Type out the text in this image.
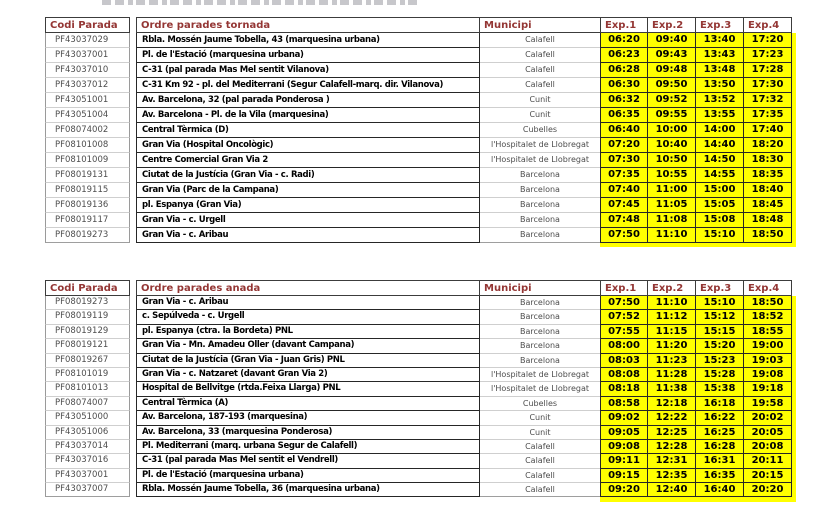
Codi Parada	Ordre parades tornada	Municipi	Exp.1	Exp.2	Exp.3	Exp.4
PF43037029	Rbla. Mossén Jaume Tobella, 43 (marquesina urbana)	Calafell	06:20	09:40	13:40	17:20
PF43037001	Pl. de l'Estació (marquesina urbana)	Calafell	06:23	09:43	13:43	17:23
PF43037010	C-31 (pal parada Mas Mel sentit Vilanova)	Calafell	06:28	09:48	13:48	17:28
PF43037012	C-31 Km 92 - pl. del Mediterrani (Segur Calafell-marq. dir. Vilanova)	Calafell	06:30	09:50	13:50	17:30
PF43051001	Av. Barcelona, 32 (pal parada Ponderosa )	Cunit	06:32	09:52	13:52	17:32
PF43051004	Av. Barcelona - Pl. de la Vila (marquesina)	Cunit	06:35	09:55	13:55	17:35
PF08074002	Central Tèrmica (D)	Cubelles	06:40	10:00	14:00	17:40
PF08101008	Gran Via (Hospital Oncològic)	l'Hospitalet de Llobregat	07:20	10:40	14:40	18:20
PF08101009	Centre Comercial Gran Via 2	l'Hospitalet de Llobregat	07:30	10:50	14:50	18:30
PF08019131	Ciutat de la Justícia (Gran Via - c. Radi)	Barcelona	07:35	10:55	14:55	18:35
PF08019115	Gran Via (Parc de la Campana)	Barcelona	07:40	11:00	15:00	18:40
PF08019136	pl. Espanya (Gran Via)	Barcelona	07:45	11:05	15:05	18:45
PF08019117	Gran Via - c. Urgell	Barcelona	07:48	11:08	15:08	18:48
PF08019273	Gran Via - c. Aribau	Barcelona	07:50	11:10	15:10	18:50
Codi Parada	Ordre parades anada	Municipi	Exp.1	Exp.2	Exp.3	Exp.4
PF08019273	Gran Via - c. Aribau	Barcelona	07:50	11:10	15:10	18:50
PF08019119	c. Sepúlveda - c. Urgell	Barcelona	07:52	11:12	15:12	18:52
PF08019129	pl. Espanya (ctra. la Bordeta) PNL	Barcelona	07:55	11:15	15:15	18:55
PF08019121	Gran Via - Mn. Amadeu Oller (davant Campana)	Barcelona	08:00	11:20	15:20	19:00
PF08019267	Ciutat de la Justícia (Gran Via - Juan Gris) PNL	Barcelona	08:03	11:23	15:23	19:03
PF08101019	Gran Via - c. Natzaret (davant Gran Via 2)	l'Hospitalet de Llobregat	08:08	11:28	15:28	19:08
PF08101013	Hospital de Bellvitge (rtda.Feixa Llarga) PNL	l'Hospitalet de Llobregat	08:18	11:38	15:38	19:18
PF08074007	Central Tèrmica (A)	Cubelles	08:58	12:18	16:18	19:58
PF43051000	Av. Barcelona, 187-193 (marquesina)	Cunit	09:02	12:22	16:22	20:02
PF43051006	Av. Barcelona, 33 (marquesina Ponderosa)	Cunit	09:05	12:25	16:25	20:05
PF43037014	Pl. Mediterrani (marq. urbana Segur de Calafell)	Calafell	09:08	12:28	16:28	20:08
PF43037016	C-31 (pal parada Mas Mel sentit el Vendrell)	Calafell	09:11	12:31	16:31	20:11
PF43037001	Pl. de l'Estació (marquesina urbana)	Calafell	09:15	12:35	16:35	20:15
PF43037007	Rbla. Mossén Jaume Tobella, 36 (marquesina urbana)	Calafell	09:20	12:40	16:40	20:20
